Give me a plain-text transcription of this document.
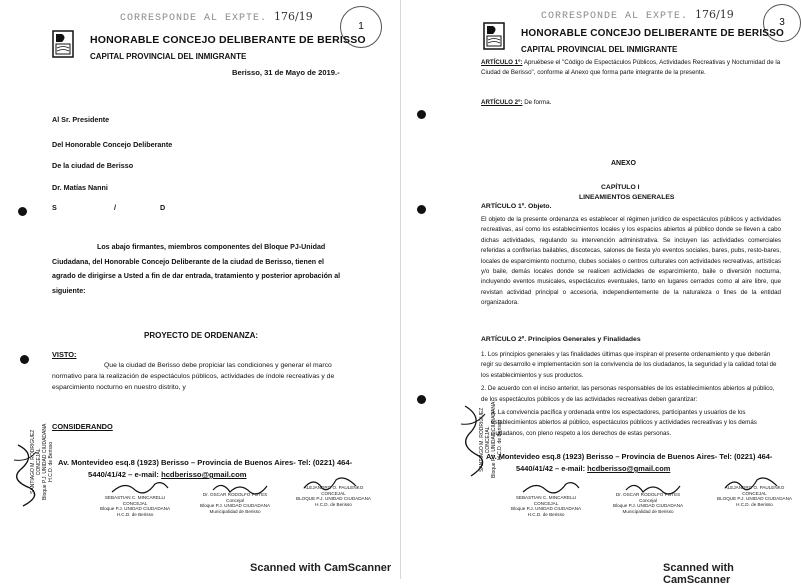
CORRESPONDE AL EXPTE. 176/19
1
HONORABLE CONCEJO DELIBERANTE DE BERISSO
CAPITAL PROVINCIAL DEL INMIGRANTE
Berisso, 31 de Mayo de 2019.-
Al Sr. Presidente
Del Honorable Concejo Deliberante
De la ciudad de Berisso
Dr. Matías Nanni
S	/	D
Los abajo firmantes, miembros componentes del Bloque PJ-Unidad Ciudadana, del Honorable Concejo Deliberante de la ciudad de Berisso, tienen el agrado de dirigirse a Usted a fin de dar entrada, tratamiento y posterior aprobación al siguiente:
PROYECTO DE ORDENANZA:
VISTO:
Que la ciudad de Berisso debe propiciar las condiciones y generar el marco normativo para la realización de espectáculos públicos, actividades de índole recreativas y de esparcimiento nocturno en nuestro distrito, y
CONSIDERANDO
Av. Montevideo esq.8 (1923) Berisso – Provincia de Buenos Aires- Tel: (0221) 464-
5440/41/42 – e-mail: hcdberisso@gmail.com
SANTIAGO M. RODRIGUEZ
CONCEJAL
Bloque P.J. UNIDAD CIUDADANA
H.C.D. de Berisso
SEBASTIAN C. MINCARELLI
CONCEJAL
Bloque P.J. UNIDAD CIUDADANA
H.C.D. de Berisso
Dr. OSCAR RODOLFO POTES
Concejal
Bloque P.J. UNIDAD CIUDADANA
Municipalidad de Berisso
ALEJANDRO O. PAULENKO
CONCEJAL
BLOQUE P.J. UNIDAD CIUDADANA
H.C.D. de Berisso
Scanned with CamScanner
CORRESPONDE AL EXPTE. 176/19
3
HONORABLE CONCEJO DELIBERANTE DE BERISSO
CAPITAL PROVINCIAL DEL INMIGRANTE
ARTÍCULO 1º: Apruébese el "Código de Espectáculos Públicos, Actividades Recreativas y Nocturnidad de la Ciudad de Berisso", conforme al Anexo que forma parte integrante de la presente.
ARTÍCULO 2º: De forma.
ANEXO
CAPÍTULO I
LINEAMIENTOS GENERALES
ARTÍCULO 1º. Objeto.
El objeto de la presente ordenanza es establecer el régimen jurídico de espectáculos públicos y actividades recreativas, así como los establecimientos locales y los espacios abiertos al público donde se lleven a cabo dichas actividades, regulando su intervención administrativa. Se incluyen las actividades comerciales referidas a confiterías bailables, discotecas, salones de fiesta y/o eventos sociales, bares, pubs, resto-bares, locales de esparcimiento nocturno, clubes sociales o centros culturales con actividades recreativas, artísticas y/o baile, demás locales donde se realicen actividades de esparcimiento, baile o diversión nocturna, incluyendo eventos musicales, espectáculos eventuales, tanto en lugares cerrados como al aire libre, que revistan actividad principal o accesoria, independientemente de la naturaleza o fines de la entidad organizadora.
ARTÍCULO 2º. Principios Generales y Finalidades
1. Los principios generales y las finalidades últimas que inspiran el presente ordenamiento y que deberán regir su desarrollo e implementación son la convivencia de los ciudadanos, la seguridad y la calidad total de los establecimientos y sus productos.
2. De acuerdo con el inciso anterior, las personas responsables de los establecimientos abiertos al público, de los espectáculos públicos y de las actividades recreativas deben garantizar:
a. La convivencia pacífica y ordenada entre los espectadores, participantes y usuarios de los establecimientos abiertos al público, espectáculos públicos y actividades recreativas y los demás ciudadanos, con pleno respeto a los derechos de estas personas.
Av. Montevideo esq.8 (1923) Berisso – Provincia de Buenos Aires- Tel: (0221) 464-
5440/41/42 – e-mail: hcdberisso@gmail.com
SANTIAGO M. RODRIGUEZ
CONCEJAL
Bloque P.J. UNIDAD CIUDADANA
H.C.D. de Berisso
SEBASTIAN C. MINCARELLI
CONCEJAL
Bloque P.J. UNIDAD CIUDADANA
H.C.D. de Berisso
Dr. OSCAR RODOLFO POTES
Concejal
Bloque P.J. UNIDAD CIUDADANA
Municipalidad de Berisso
ALEJANDRO O. PAULENKO
CONCEJAL
BLOQUE P.J. UNIDAD CIUDADANA
H.C.D. de Berisso
Scanned with CamScanner
